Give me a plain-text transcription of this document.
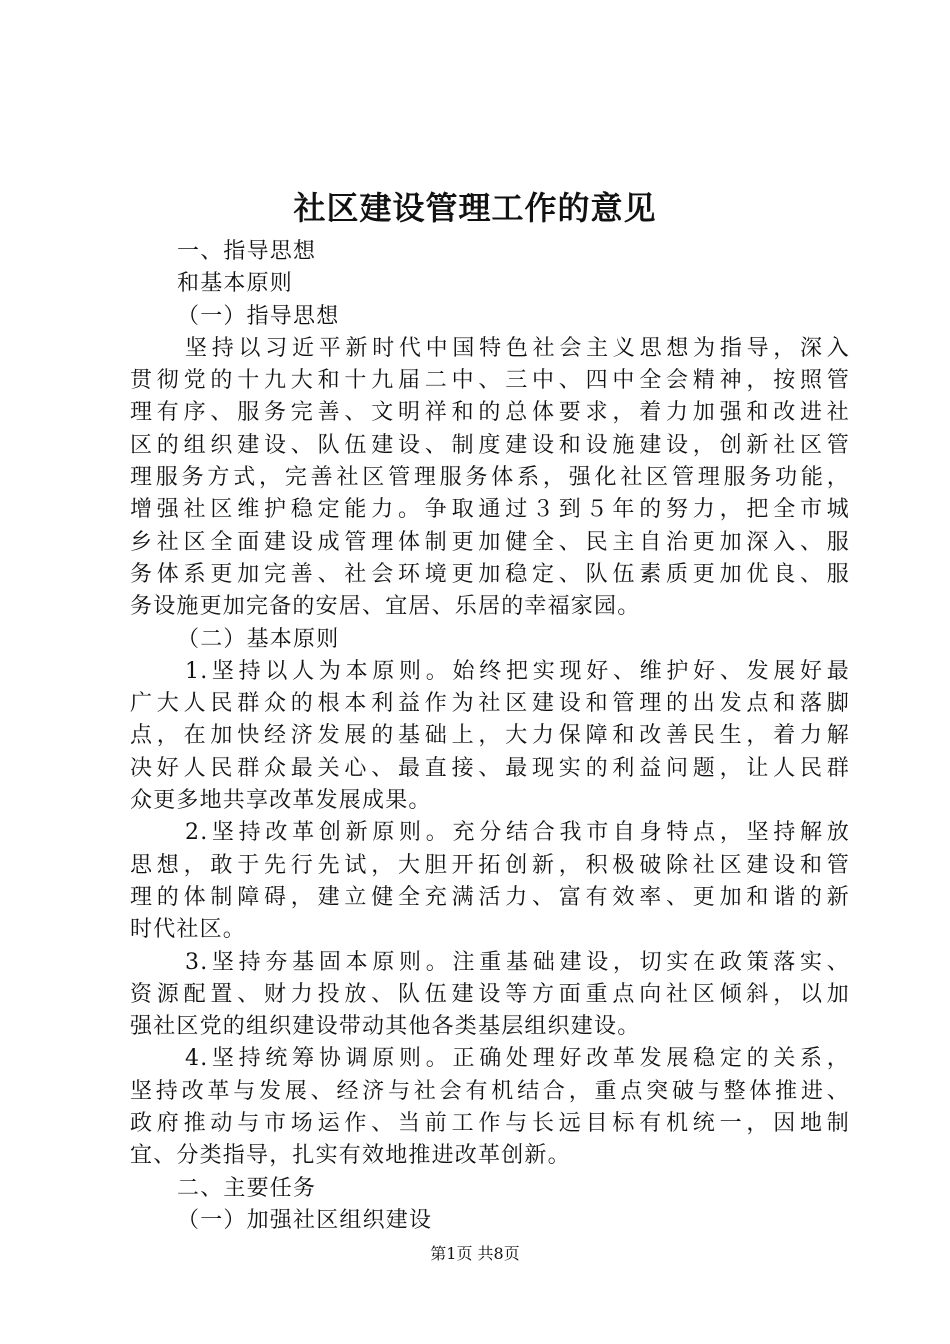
社区建设管理工作的意见
一、指导思想
和基本原则
（一）指导思想
坚持以习近平新时代中国特色社会主义思想为指导，深入
贯彻党的十九大和十九届二中、三中、四中全会精神，按照管
理有序、服务完善、文明祥和的总体要求，着力加强和改进社
区的组织建设、队伍建设、制度建设和设施建设，创新社区管
理服务方式，完善社区管理服务体系，强化社区管理服务功能，
增强社区维护稳定能力。争取通过３到５年的努力，把全市城
乡社区全面建设成管理体制更加健全、民主自治更加深入、服
务体系更加完善、社会环境更加稳定、队伍素质更加优良、服
务设施更加完备的安居、宜居、乐居的幸福家园。
（二）基本原则
1.坚持以人为本原则。始终把实现好、维护好、发展好最
广大人民群众的根本利益作为社区建设和管理的出发点和落脚
点，在加快经济发展的基础上，大力保障和改善民生，着力解
决好人民群众最关心、最直接、最现实的利益问题，让人民群
众更多地共享改革发展成果。
2.坚持改革创新原则。充分结合我市自身特点，坚持解放
思想，敢于先行先试，大胆开拓创新，积极破除社区建设和管
理的体制障碍，建立健全充满活力、富有效率、更加和谐的新
时代社区。
3.坚持夯基固本原则。注重基础建设，切实在政策落实、
资源配置、财力投放、队伍建设等方面重点向社区倾斜，以加
强社区党的组织建设带动其他各类基层组织建设。
4.坚持统筹协调原则。正确处理好改革发展稳定的关系，
坚持改革与发展、经济与社会有机结合，重点突破与整体推进、
政府推动与市场运作、当前工作与长远目标有机统一，因地制
宜、分类指导，扎实有效地推进改革创新。
二、主要任务
（一）加强社区组织建设
第1页 共8页
